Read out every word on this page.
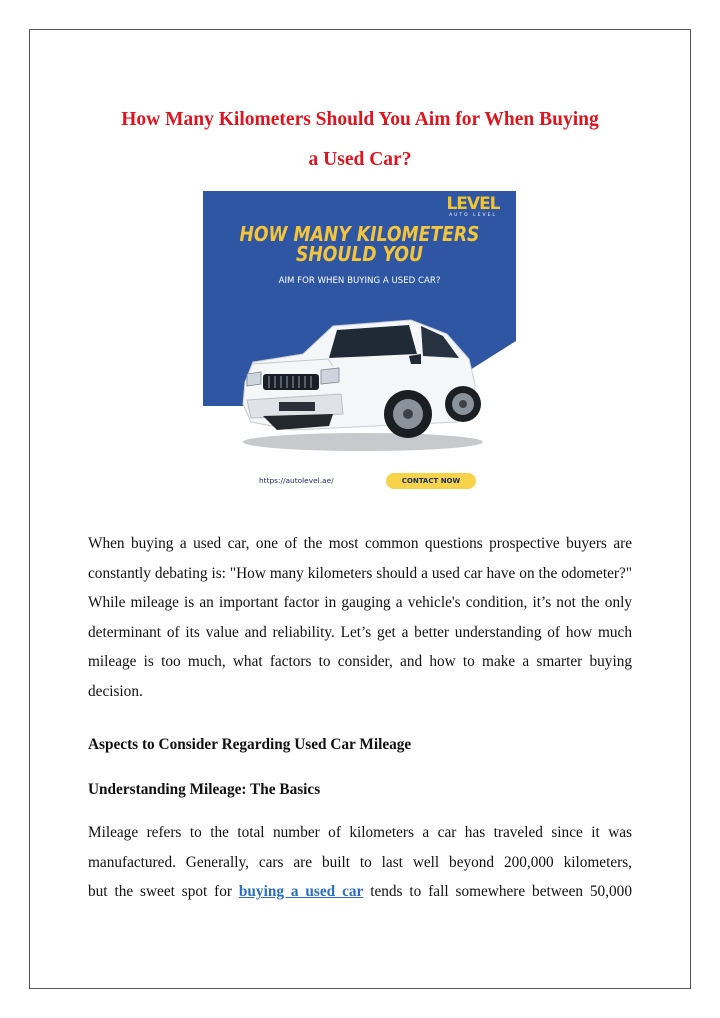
How Many Kilometers Should You Aim for When Buying
a Used Car?
LEVEL
AUTO LEVEL
HOW MANY KILOMETERS
SHOULD YOU
AIM FOR WHEN BUYING A USED CAR?
https://autolevel.ae/	CONTACT NOW

When buying a used car, one of the most common questions prospective buyers are constantly debating is: "How many kilometers should a used car have on the odometer?" While mileage is an important factor in gauging a vehicle's condition, it’s not the only determinant of its value and reliability. Let’s get a better understanding of how much mileage is too much, what factors to consider, and how to make a smarter buying decision.

Aspects to Consider Regarding Used Car Mileage
Understanding Mileage: The Basics

Mileage refers to the total number of kilometers a car has traveled since it was
manufactured. Generally, cars are built to last well beyond 200,000 kilometers,
but the sweet spot for buying a used car tends to fall somewhere between 50,000
